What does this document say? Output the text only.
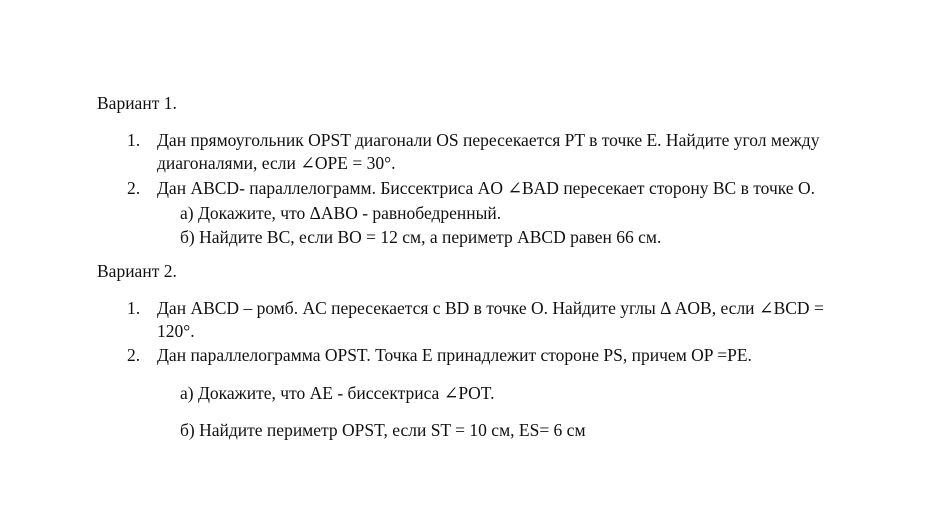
Вариант 1.
1. Дан прямоугольник OPST диагонали OS пересекается PT в точке E. Найдите угол между
диагоналями, если ∠OPE = 30°.
2. Дан ABCD- параллелограмм. Биссектриса AO ∠BAD пересекает сторону BC в точке O.
а) Докажите, что ΔABO - равнобедренный.
б) Найдите BC, если BO = 12 см, а периметр ABCD равен 66 см.
Вариант 2.
1. Дан ABCD – ромб. AC пересекается с BD в точке O. Найдите углы Δ AOB, если ∠BCD =
120°.
2. Дан параллелограмма OPST. Точка E принадлежит стороне PS, причем OP =PE.
а) Докажите, что AE - биссектриса ∠POT.
б) Найдите периметр OPST, если ST = 10 см, ES= 6 см
